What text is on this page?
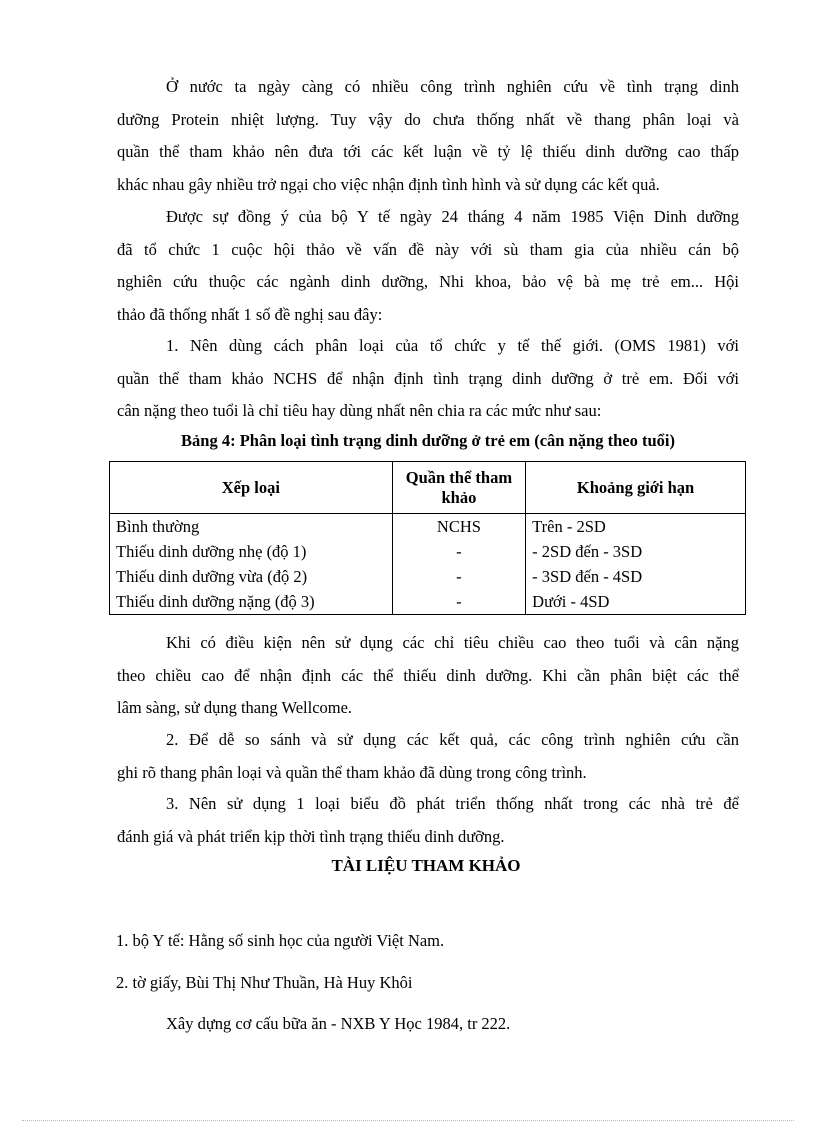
Ở nước ta ngày càng có nhiều công trình nghiên cứu về tình trạng dinh
dưỡng Protein nhiệt lượng. Tuy vậy do chưa thống nhất về thang phân loại và
quần thể tham khảo nên đưa tới các kết luận về tỷ lệ thiếu dinh dưỡng cao thấp
khác nhau gây nhiều trở ngại cho việc nhận định tình hình và sử dụng các kết quả.
Được sự đồng ý của bộ Y tế ngày 24 tháng 4 năm 1985 Viện Dinh dưỡng
đã tổ chức 1 cuộc hội thảo về vấn đề này với sù tham gia của nhiều cán bộ
nghiên cứu thuộc các ngành dinh dưỡng, Nhi khoa, bảo vệ bà mẹ trẻ em... Hội
thảo đã thống nhất 1 số đề nghị sau đây:
1. Nên dùng cách phân loại của tổ chức y tế thế giới. (OMS 1981) với
quần thể tham khảo NCHS để nhận định tình trạng dinh dưỡng ở trẻ em. Đối với
cân nặng theo tuổi là chỉ tiêu hay dùng nhất nên chia ra các mức như sau:

Bảng 4: Phân loại tình trạng dinh dưỡng ở trẻ em (cân nặng theo tuổi)

Xếp loại	Quần thể tham khảo	Khoảng giới hạn
Bình thường	NCHS	Trên - 2SD
Thiếu dinh dưỡng nhẹ (độ 1)	-	- 2SD đến - 3SD
Thiếu dinh dưỡng vừa (độ 2)	-	- 3SD đến - 4SD
Thiếu dinh dưỡng nặng (độ 3)	-	Dưới - 4SD
Khi có điều kiện nên sử dụng các chỉ tiêu chiều cao theo tuổi và cân nặng
theo chiều cao để nhận định các thể thiếu dinh dưỡng. Khi cần phân biệt các thể
lâm sàng, sử dụng thang Wellcome.
2. Để dễ so sánh và sử dụng các kết quả, các công trình nghiên cứu cần
ghi rõ thang phân loại và quần thể tham khảo đã dùng trong công trình.
3. Nên sử dụng 1 loại biểu đồ phát triển thống nhất trong các nhà trẻ để
đánh giá và phát triển kịp thời tình trạng thiếu dinh dưỡng.

TÀI LIỆU THAM KHẢO

1. bộ Y tế: Hằng số sinh học của người Việt Nam.

2. tờ giấy, Bùi Thị Như Thuần, Hà Huy Khôi

Xây dựng cơ cấu bữa ăn - NXB Y Học 1984, tr 222.
